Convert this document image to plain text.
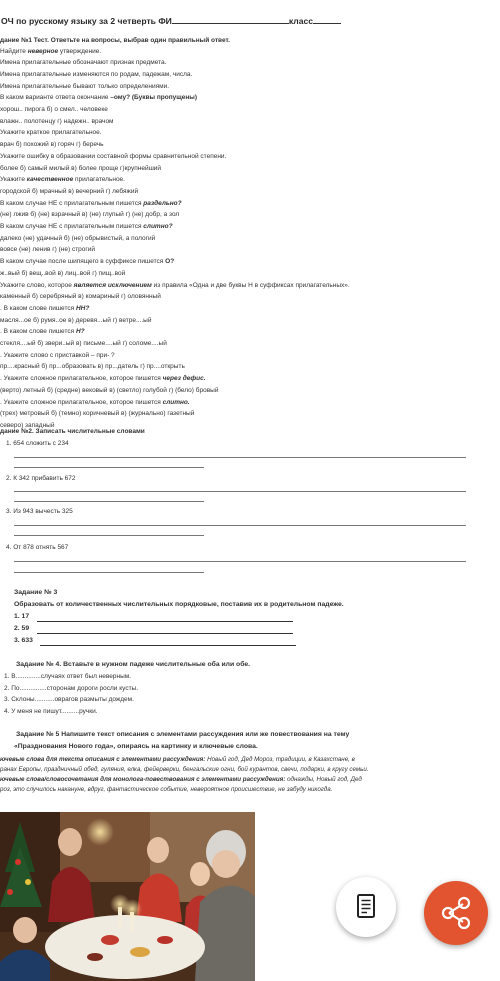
ОЧ по русскому языку за 2 четверть ФИ	класс
дание №1 Тест. Ответьте на вопросы, выбрав один правильный ответ.
Найдите неверное утверждение.
Имена прилагательные обозначают признак предмета.
Имена прилагательные изменяются по родам, падежам, числа.
Имена прилагательные бывают только определениями.
В каком варианте ответа окончание –ому? (Буквы пропущены)
хорош.. пирога б) о смел.. человеке
влажн.. полотенцу г) надежн.. врачом
Укажите краткое прилагательное.
врач б) похожий в) горяч г) беречь
Укажите ошибку в образовании составной формы сравнительной степени.
более б) самый милый в) более проще г)крупнейший
Укажите качественное прилагательное.
городской б) мрачный в) вечерний г) лебяжий
В каком случае НЕ с прилагательным пишется раздельно?
(не) лжив б) (не) взрачный в) (не) глупый г) (не) добр, а зол
В каком случае НЕ с прилагательным пишется слитно?
далеко (не) удачный б) (не) обрывистый, а пологий
вовсе (не) ленив г) (не) строгий
В каком случае после шипящего в суффиксе пишется О?
ж..вый б) вещ..вой в) лиц..вой г) пищ..вой
Укажите слово, которое является исключением из правила «Одна и две буквы Н в суффиксах прилагательных».
каменный б) серебряный в) комариный г) оловянный
. В каком слове пишется НН?
масля...ое б) румя..ое в) деревя...ый г) ветре....ый
. В каком слове пишется Н?
стекля....ый б) звери..ый в) письме....ый г) соломе....ый
. Укажите слово с приставкой – при- ?
пр....красный б) пр...образовать в) пр...датель г) пр....открыть
. Укажите сложное прилагательное, которое пишется через дефис.
(верто) летный б) (средне) вековый в) (светло) голубой г) (бело) бровый
. Укажите сложное прилагательное, которое пишется слитно.
(трех) метровый б) (темно) коричневый в) (журнально) газетный
северо) западный
дание №2. Записать числительные словами
1. 654 сложить с 234
2. К 342 прибавить 672
3. Из 943 вычесть 325
4. От 878 отнять 567
Задание № 3
Образовать от количественных числительных порядковые, поставив их в родительном падеже.
1. 17
2. 59
3. 633
Задание № 4. Вставьте в нужном падеже числительные оба или обе.
1. В..............случаях ответ был неверным.
2. По...............сторонам дороги росли кусты.
3. Склоны...........оврагов размыты дождем.
4. У меня не пишут..........ручки.
Задание № 5 Напишите текст описания с элементами рассуждения или же повествования на тему
«Празднования Нового года», опираясь на картинку и ключевые слова.
ючевые слова для текста описания с элементами рассуждения: Новый год, Дед Мороз, традиции, в Казахстане, в
ранах Европы, праздничный обед, гуляния, елка, фейерверки, бенгальские огни, бой курантов, свечи, подарки, в кругу семьи.
ючевые слова/словосочетания для монолога-повествования с элементами рассуждения: однажды, Новый год, Дед
роз, это случилось накануне, вдруг, фантастическое событие, невероятное происшествие, не забуду никогда.
